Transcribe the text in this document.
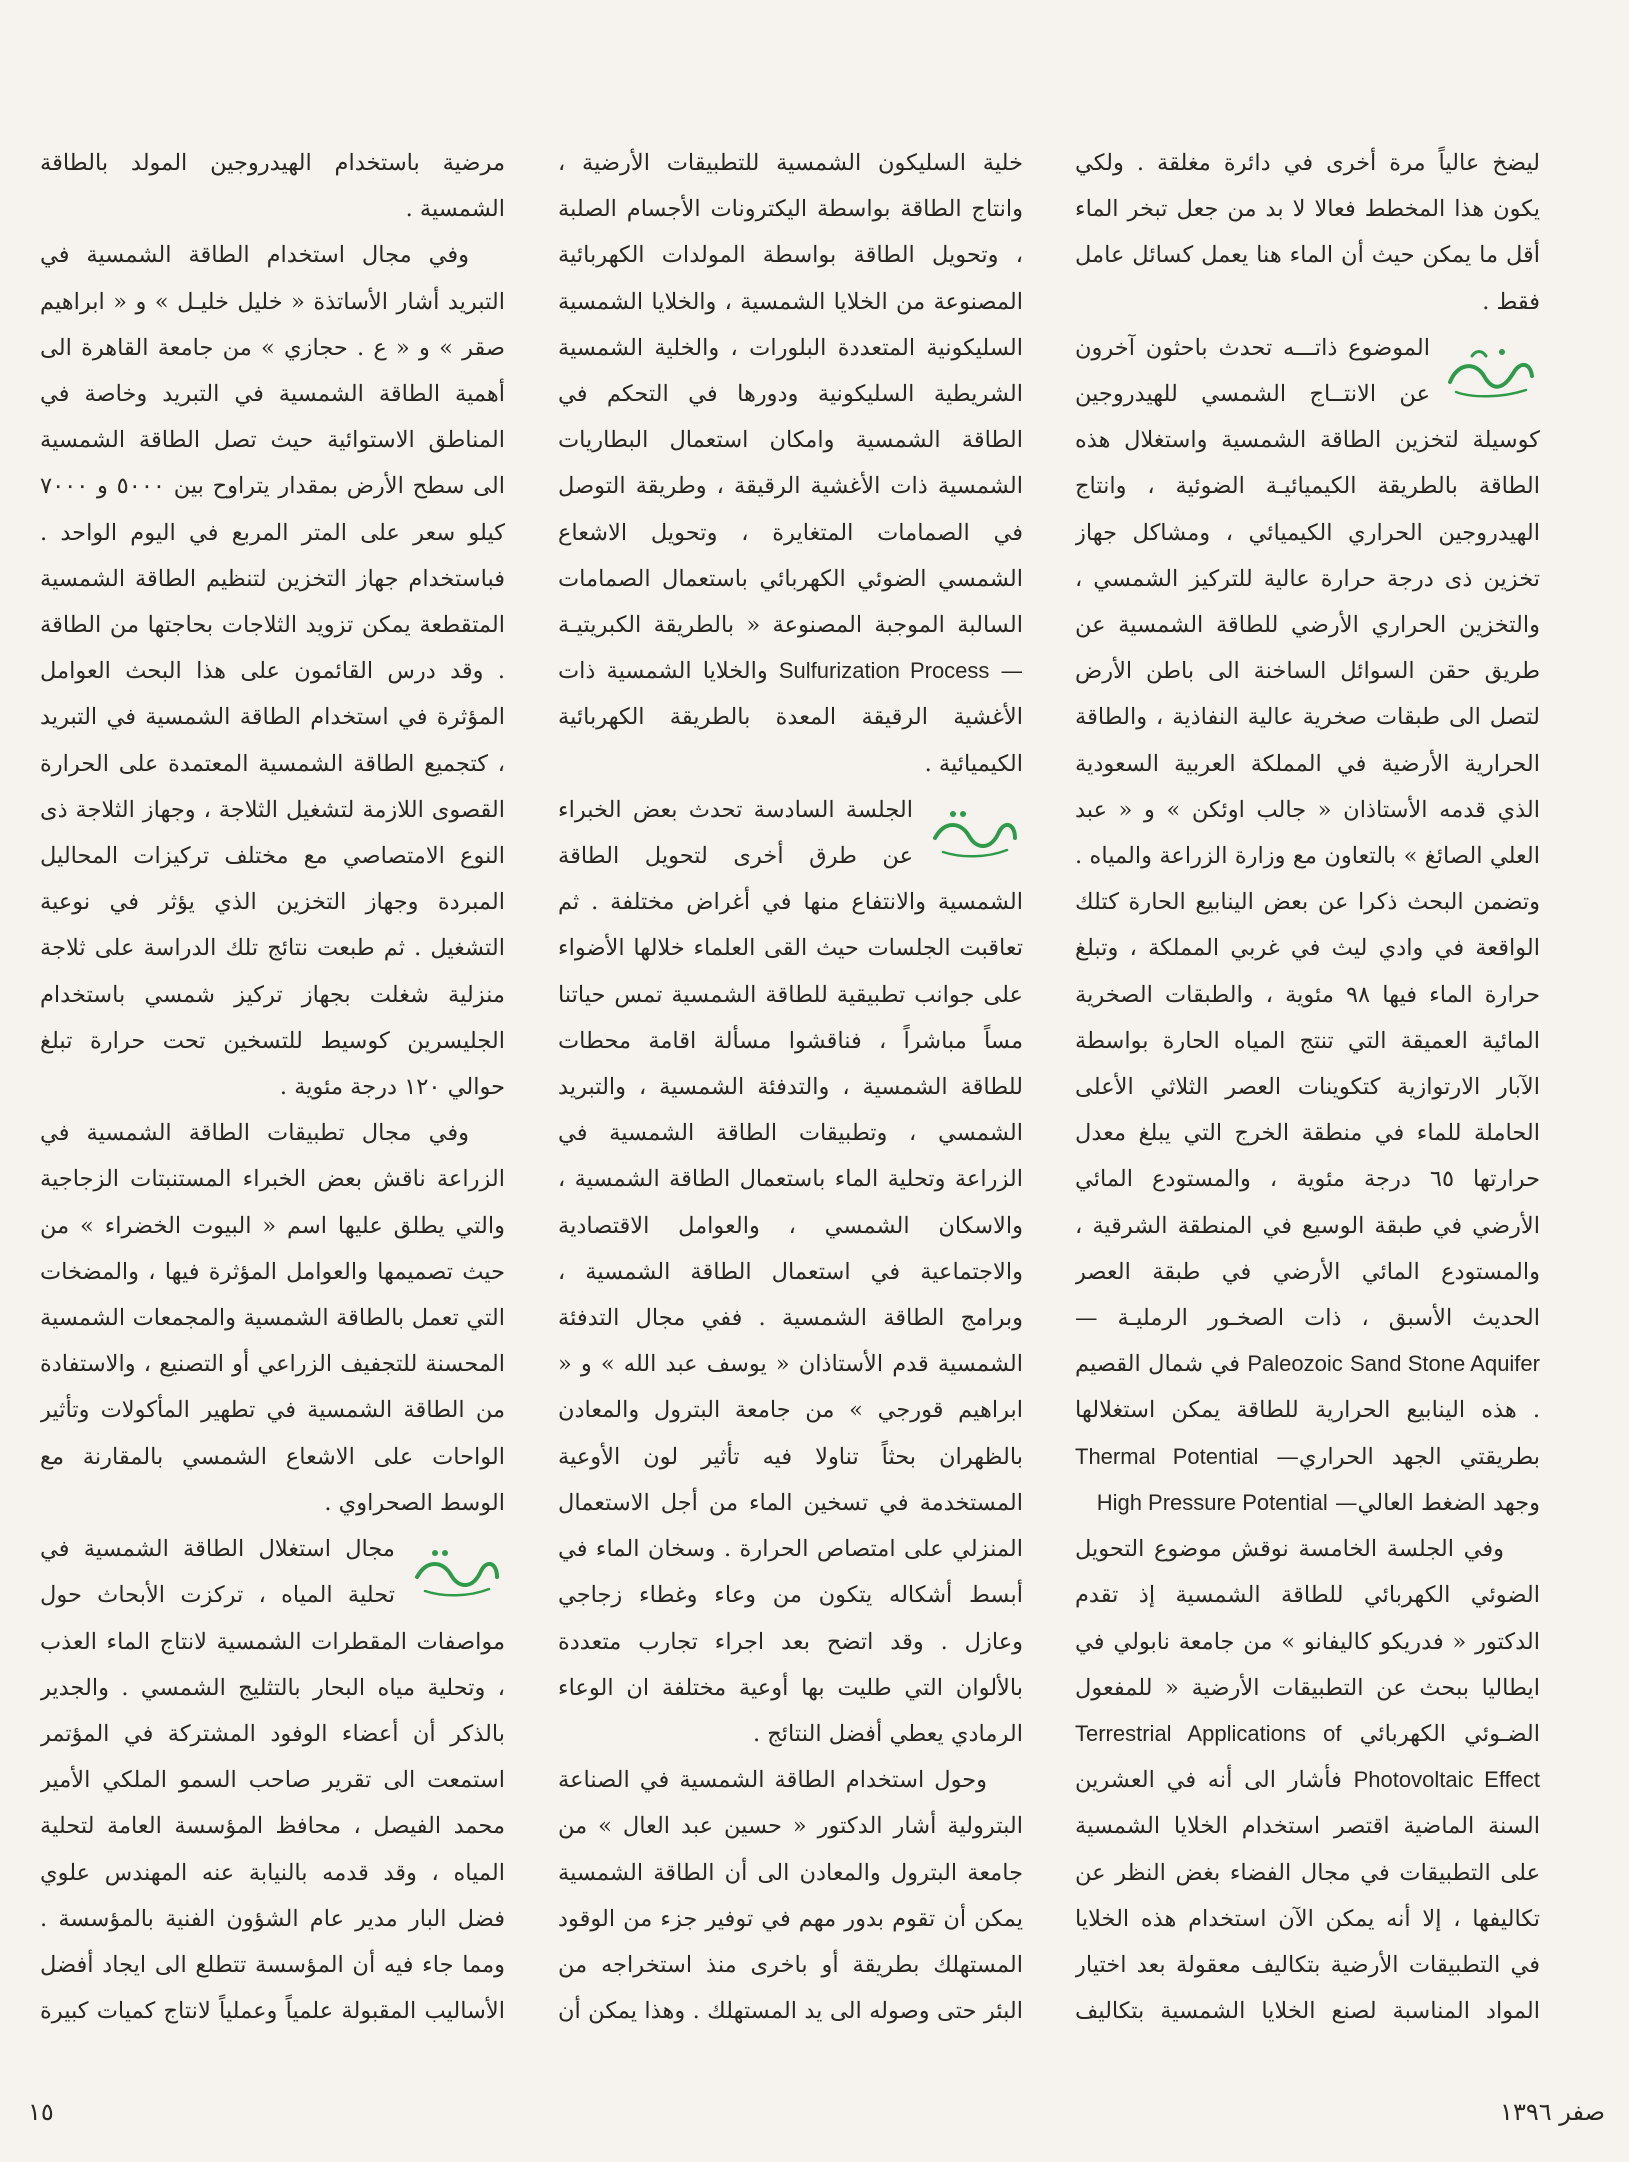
ليضخ عالياً مرة أخرى في دائرة مغلقة . ولكي يكون هذا المخطط فعالا لا بد من جعل تبخر الماء أقل ما يمكن حيث أن الماء هنا يعمل كسائل عامل فقط .

الموضوع ذاتـــه تحدث باحثون آخرون عن الانتــاج الشمسي للهيدروجين كوسيلة لتخزين الطاقة الشمسية واستغلال هذه الطاقة بالطريقة الكيميائيـة الضوئية ، وانتاج الهيدروجين الحراري الكيميائي ، ومشاكل جهاز تخزين ذى درجة حرارة عالية للتركيز الشمسي ، والتخزين الحراري الأرضي للطاقة الشمسية عن طريق حقن السوائل الساخنة الى باطن الأرض لتصل الى طبقات صخرية عالية النفاذية ، والطاقة الحرارية الأرضية في المملكة العربية السعودية الذي قدمه الأستاذان « جالب اوئكن » و « عبد العلي الصائغ » بالتعاون مع وزارة الزراعة والمياه . وتضمن البحث ذكرا عن بعض الينابيع الحارة كتلك الواقعة في وادي ليث في غربي المملكة ، وتبلغ حرارة الماء فيها ٩٨ مئوية ، والطبقات الصخرية المائية العميقة التي تنتج المياه الحارة بواسطة الآبار الارتوازية كتكوينات العصر الثلاثي الأعلى الحاملة للماء في منطقة الخرج التي يبلغ معدل حرارتها ٦٥ درجة مئوية ، والمستودع المائي الأرضي في طبقة الوسيع في المنطقة الشرقية ، والمستودع المائي الأرضي في طبقة العصر الحديث الأسبق ، ذات الصخـور الرمليـة — Paleozoic Sand Stone Aquifer في شمال القصيم . هذه الينابيع الحرارية للطاقة يمكن استغلالها بطريقتي الجهد الحراري— Thermal Potential وجهد الضغط العالي— High Pressure Potential

وفي الجلسة الخامسة نوقش موضوع التحويل الضوئي الكهربائي للطاقة الشمسية إذ تقدم الدكتور « فدريكو كاليفانو » من جامعة نابولي في ايطاليا ببحث عن التطبيقات الأرضية « للمفعول الضـوئي الكهربائي Terrestrial Applications of Photovoltaic Effect فأشار الى أنه في العشرين السنة الماضية اقتصر استخدام الخلايا الشمسية على التطبيقات في مجال الفضاء بغض النظر عن تكاليفها ، إلا أنه يمكن الآن استخدام هذه الخلايا في التطبيقات الأرضية بتكاليف معقولة بعد اختيار المواد المناسبة لصنع الخلايا الشمسية بتكاليف

خلية السليكون الشمسية للتطبيقات الأرضية ، وانتاج الطاقة بواسطة اليكترونات الأجسام الصلبة ، وتحويل الطاقة بواسطة المولدات الكهربائية المصنوعة من الخلايا الشمسية ، والخلايا الشمسية السليكونية المتعددة البلورات ، والخلية الشمسية الشريطية السليكونية ودورها في التحكم في الطاقة الشمسية وامكان استعمال البطاريات الشمسية ذات الأغشية الرقيقة ، وطريقة التوصل في الصمامات المتغايرة ، وتحويل الاشعاع الشمسي الضوئي الكهربائي باستعمال الصمامات السالبة الموجبة المصنوعة « بالطريقة الكبريتيـة — Sulfurization Process والخلايا الشمسية ذات الأغشية الرقيقة المعدة بالطريقة الكهربائية الكيميائية .

الجلسة السادسة تحدث بعض الخبراء عن طرق أخرى لتحويل الطاقة الشمسية والانتفاع منها في أغراض مختلفة . ثم تعاقبت الجلسات حيث القى العلماء خلالها الأضواء على جوانب تطبيقية للطاقة الشمسية تمس حياتنا مساً مباشراً ، فناقشوا مسألة اقامة محطات للطاقة الشمسية ، والتدفئة الشمسية ، والتبريد الشمسي ، وتطبيقات الطاقة الشمسية في الزراعة وتحلية الماء باستعمال الطاقة الشمسية ، والاسكان الشمسي ، والعوامل الاقتصادية والاجتماعية في استعمال الطاقة الشمسية ، وبرامج الطاقة الشمسية . ففي مجال التدفئة الشمسية قدم الأستاذان « يوسف عبد الله » و « ابراهيم قورجي » من جامعة البترول والمعادن بالظهران بحثاً تناولا فيه تأثير لون الأوعية المستخدمة في تسخين الماء من أجل الاستعمال المنزلي على امتصاص الحرارة . وسخان الماء في أبسط أشكاله يتكون من وعاء وغطاء زجاجي وعازل . وقد اتضح بعد اجراء تجارب متعددة بالألوان التي طليت بها أوعية مختلفة ان الوعاء الرمادي يعطي أفضل النتائج .

وحول استخدام الطاقة الشمسية في الصناعة البترولية أشار الدكتور « حسين عبد العال » من جامعة البترول والمعادن الى أن الطاقة الشمسية يمكن أن تقوم بدور مهم في توفير جزء من الوقود المستهلك بطريقة أو باخرى منذ استخراجه من البئر حتى وصوله الى يد المستهلك . وهذا يمكن أن

مرضية باستخدام الهيدروجين المولد بالطاقة الشمسية .

وفي مجال استخدام الطاقة الشمسية في التبريد أشار الأساتذة « خليل خليـل » و « ابراهيم صقر » و « ع . حجازي » من جامعة القاهرة الى أهمية الطاقة الشمسية في التبريد وخاصة في المناطق الاستوائية حيث تصل الطاقة الشمسية الى سطح الأرض بمقدار يتراوح بين ٥٠٠٠ و ٧٠٠٠ كيلو سعر على المتر المربع في اليوم الواحد . فباستخدام جهاز التخزين لتنظيم الطاقة الشمسية المتقطعة يمكن تزويد الثلاجات بحاجتها من الطاقة . وقد درس القائمون على هذا البحث العوامل المؤثرة في استخدام الطاقة الشمسية في التبريد ، كتجميع الطاقة الشمسية المعتمدة على الحرارة القصوى اللازمة لتشغيل الثلاجة ، وجهاز الثلاجة ذى النوع الامتصاصي مع مختلف تركيزات المحاليل المبردة وجهاز التخزين الذي يؤثر في نوعية التشغيل . ثم طبعت نتائج تلك الدراسة على ثلاجة منزلية شغلت بجهاز تركيز شمسي باستخدام الجليسرين كوسيط للتسخين تحت حرارة تبلغ حوالي ١٢٠ درجة مئوية .

وفي مجال تطبيقات الطاقة الشمسية في الزراعة ناقش بعض الخبراء المستنبتات الزجاجية والتي يطلق عليها اسم « البيوت الخضراء » من حيث تصميمها والعوامل المؤثرة فيها ، والمضخات التي تعمل بالطاقة الشمسية والمجمعات الشمسية المحسنة للتجفيف الزراعي أو التصنيع ، والاستفادة من الطاقة الشمسية في تطهير المأكولات وتأثير الواحات على الاشعاع الشمسي بالمقارنة مع الوسط الصحراوي .

مجال استغلال الطاقة الشمسية في تحلية المياه ، تركزت الأبحاث حول مواصفات المقطرات الشمسية لانتاج الماء العذب ، وتحلية مياه البحار بالتثليج الشمسي . والجدير بالذكر أن أعضاء الوفود المشتركة في المؤتمر استمعت الى تقرير صاحب السمو الملكي الأمير محمد الفيصل ، محافظ المؤسسة العامة لتحلية المياه ، وقد قدمه بالنيابة عنه المهندس علوي فضل البار مدير عام الشؤون الفنية بالمؤسسة . ومما جاء فيه أن المؤسسة تتطلع الى ايجاد أفضل الأساليب المقبولة علمياً وعملياً لانتاج كميات كبيرة

١٥	صفر ١٣٩٦
